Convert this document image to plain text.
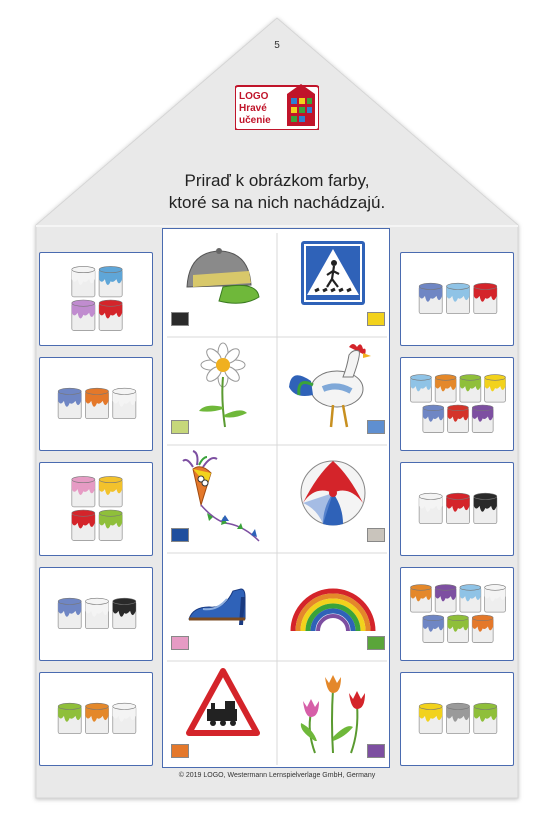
5
LOGO
Hravé
učenie
Priraď k obrázkom farby,
ktoré sa na nich nachádzajú.
© 2019 LOGO, Westermann Lernspielverlage GmbH, Germany
